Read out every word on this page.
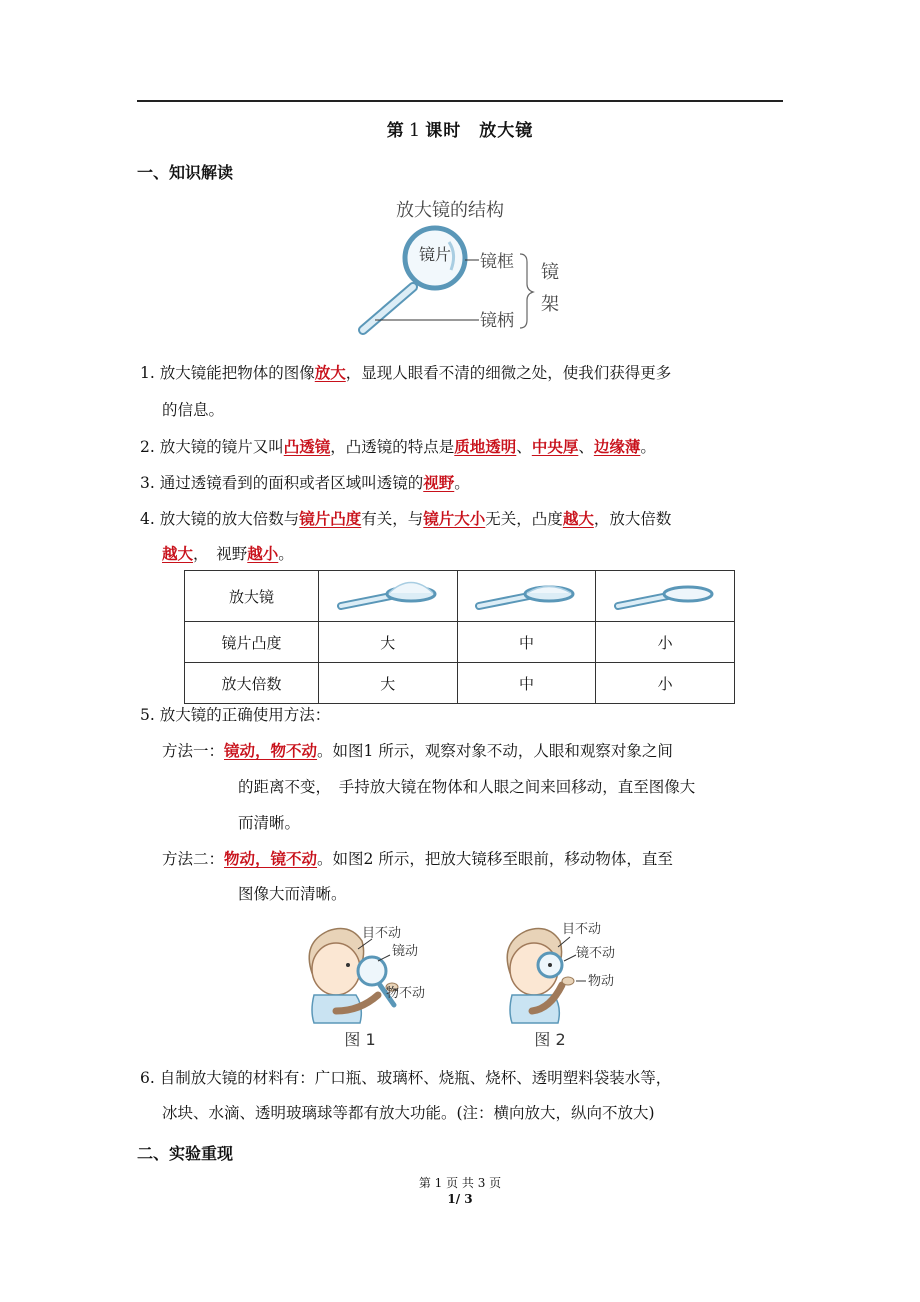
第 1 课时　放大镜
一、知识解读
放大镜的结构
镜片 镜框
镜柄
镜
架
1. 放大镜能把物体的图像放大，显现人眼看不清的细微之处，使我们获得更多
的信息。
2. 放大镜的镜片又叫凸透镜，凸透镜的特点是质地透明、中央厚、边缘薄。
3. 通过透镜看到的面积或者区域叫透镜的视野。
4. 放大镜的放大倍数与镜片凸度有关，与镜片大小无关，凸度越大，放大倍数
越大，　视野越小。
放大镜			
镜片凸度	大	中	小
放大倍数	大	中	小
5. 放大镜的正确使用方法：
方法一：镜动，物不动。如图1 所示，观察对象不动，人眼和观察对象之间
的距离不变，　手持放大镜在物体和人眼之间来回移动，直至图像大
而清晰。
方法二：物动，镜不动。如图2 所示，把放大镜移至眼前，移动物体，直至
图像大而清晰。
目不动
镜动
物不动
图 1
目不动
镜不动
物动
图 2
6. 自制放大镜的材料有：广口瓶、玻璃杯、烧瓶、烧杯、透明塑料袋装水等，
冰块、水滴、透明玻璃球等都有放大功能。(注：横向放大，纵向不放大)
二、实验重现
第 1 页 共 3 页
1/ 3
